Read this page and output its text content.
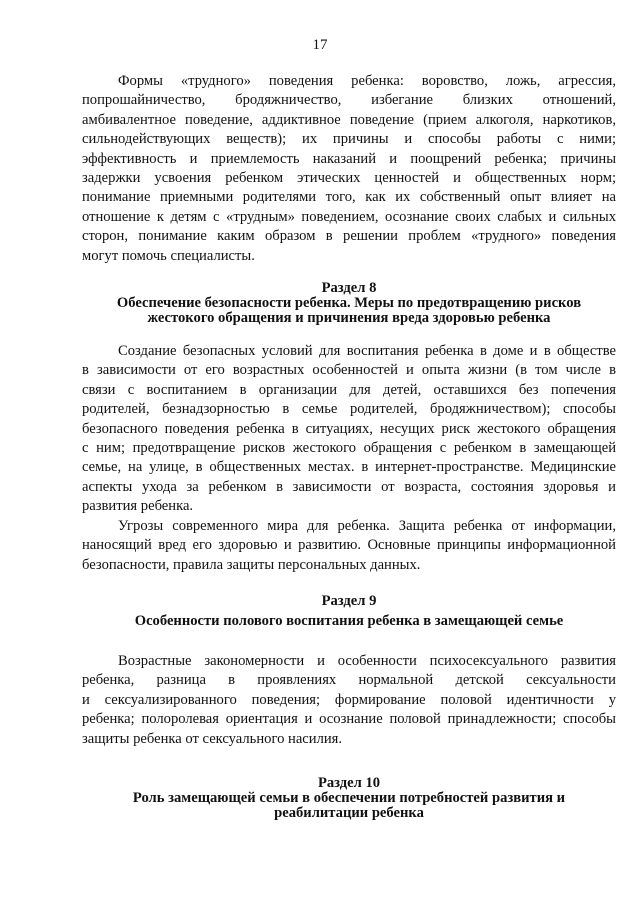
17
Формы «трудного» поведения ребенка: воровство, ложь, агрессия,
попрошайничество, бродяжничество, избегание близких отношений,
амбивалентное поведение, аддиктивное поведение (прием алкоголя, наркотиков,
сильнодействующих веществ); их причины и способы работы с ними;
эффективность и приемлемость наказаний и поощрений ребенка; причины
задержки усвоения ребенком этических ценностей и общественных норм;
понимание приемными родителями того, как их собственный опыт влияет на
отношение к детям с «трудным» поведением, осознание своих слабых и сильных
сторон, понимание каким образом в решении проблем «трудного» поведения
могут помочь специалисты.
Раздел 8
Обеспечение безопасности ребенка. Меры по предотвращению рисков
жестокого обращения и причинения вреда здоровью ребенка
Создание безопасных условий для воспитания ребенка в доме и в обществе
в зависимости от его возрастных особенностей и опыта жизни (в том числе в
связи с воспитанием в организации для детей, оставшихся без попечения
родителей, безнадзорностью в семье родителей, бродяжничеством); способы
безопасного поведения ребенка в ситуациях, несущих риск жестокого обращения
с ним; предотвращение рисков жестокого обращения с ребенком в замещающей
семье, на улице, в общественных местах. в интернет-пространстве. Медицинские
аспекты ухода за ребенком в зависимости от возраста, состояния здоровья и
развития ребенка.
Угрозы современного мира для ребенка. Защита ребенка от информации,
наносящий вред его здоровью и развитию. Основные принципы информационной
безопасности, правила защиты персональных данных.
Раздел 9
Особенности полового воспитания ребенка в замещающей семье
Возрастные закономерности и особенности психосексуального развития
ребенка, разница в проявлениях нормальной детской сексуальности
и сексуализированного поведения; формирование половой идентичности у
ребенка; полоролевая ориентация и осознание половой принадлежности; способы
защиты ребенка от сексуального насилия.
Раздел 10
Роль замещающей семьи в обеспечении потребностей развития и
реабилитации ребенка
